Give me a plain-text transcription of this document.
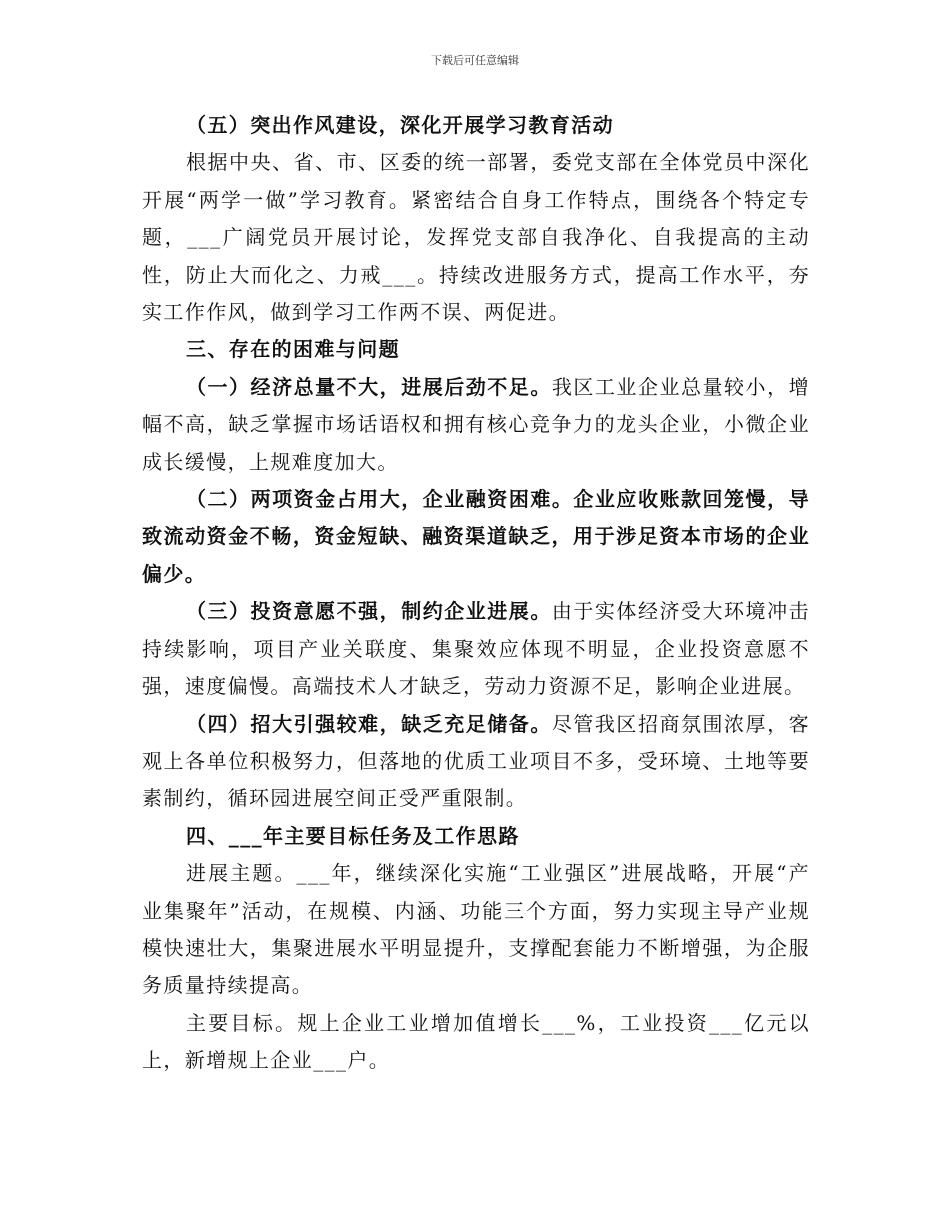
下载后可任意编辑

（五）突出作风建设，深化开展学习教育活动

根据中央、省、市、区委的统一部署，委党支部在全体党员中深化开展“两学一做”学习教育。紧密结合自身工作特点，围绕各个特定专题，___广阔党员开展讨论，发挥党支部自我净化、自我提高的主动性，防止大而化之、力戒___。持续改进服务方式，提高工作水平，夯实工作作风，做到学习工作两不误、两促进。

三、存在的困难与问题

（一）经济总量不大，进展后劲不足。我区工业企业总量较小，增幅不高，缺乏掌握市场话语权和拥有核心竞争力的龙头企业，小微企业成长缓慢，上规难度加大。

（二）两项资金占用大，企业融资困难。企业应收账款回笼慢，导致流动资金不畅，资金短缺、融资渠道缺乏，用于涉足资本市场的企业偏少。

（三）投资意愿不强，制约企业进展。由于实体经济受大环境冲击持续影响，项目产业关联度、集聚效应体现不明显，企业投资意愿不强，速度偏慢。高端技术人才缺乏，劳动力资源不足，影响企业进展。

（四）招大引强较难，缺乏充足储备。尽管我区招商氛围浓厚，客观上各单位积极努力，但落地的优质工业项目不多，受环境、土地等要素制约，循环园进展空间正受严重限制。

四、___年主要目标任务及工作思路

进展主题。___年，继续深化实施“工业强区”进展战略，开展“产业集聚年”活动，在规模、内涵、功能三个方面，努力实现主导产业规模快速壮大，集聚进展水平明显提升，支撑配套能力不断增强，为企服务质量持续提高。

主要目标。规上企业工业增加值增长___%，工业投资___亿元以上，新增规上企业___户。
